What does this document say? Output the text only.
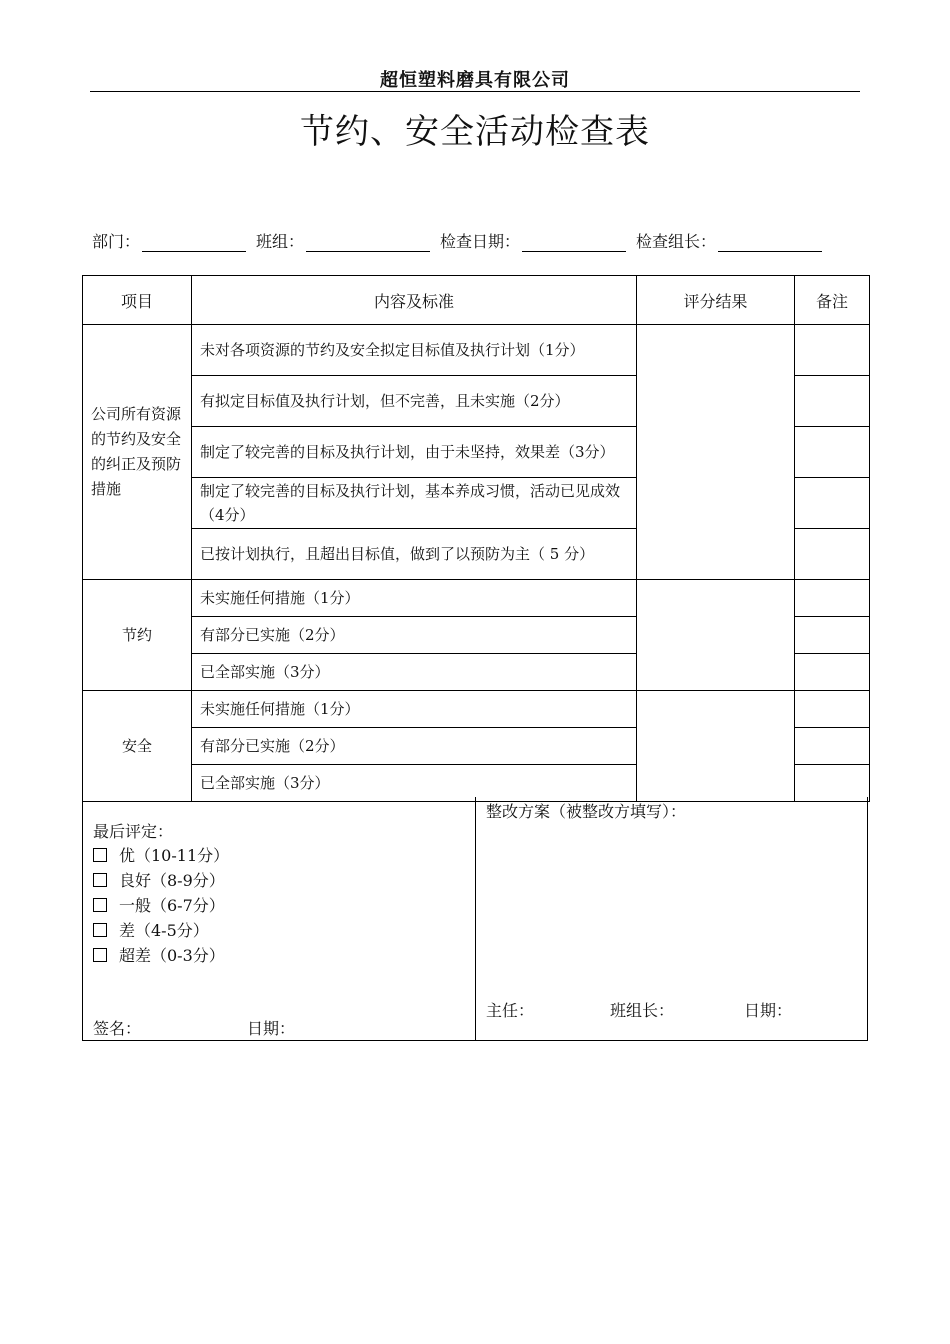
超恒塑料磨具有限公司
节约、安全活动检查表
部门：	班组：	检查日期：	检查组长：
项目	内容及标准	评分结果	备注
公司所有资源的节约及安全的纠正及预防措施	未对各项资源的节约及安全拟定目标值及执行计划（1分）		
	有拟定目标值及执行计划，但不完善，且未实施（2分）		
	制定了较完善的目标及执行计划，由于未坚持，效果差（3分）		
	制定了较完善的目标及执行计划，基本养成习惯，活动已见成效（4分）		
	已按计划执行，且超出目标值，做到了以预防为主（ 5 分）		
节约	未实施任何措施（1分）		
	有部分已实施（2分）		
	已全部实施（3分）		
安全	未实施任何措施（1分）		
	有部分已实施（2分）		
	已全部实施（3分）		
最后评定：
优（10-11分）
良好（8-9分）
一般（6-7分）
差（4-5分）
超差（0-3分）
签名：	日期：
整改方案（被整改方填写）：
主任：	班组长：	日期：
